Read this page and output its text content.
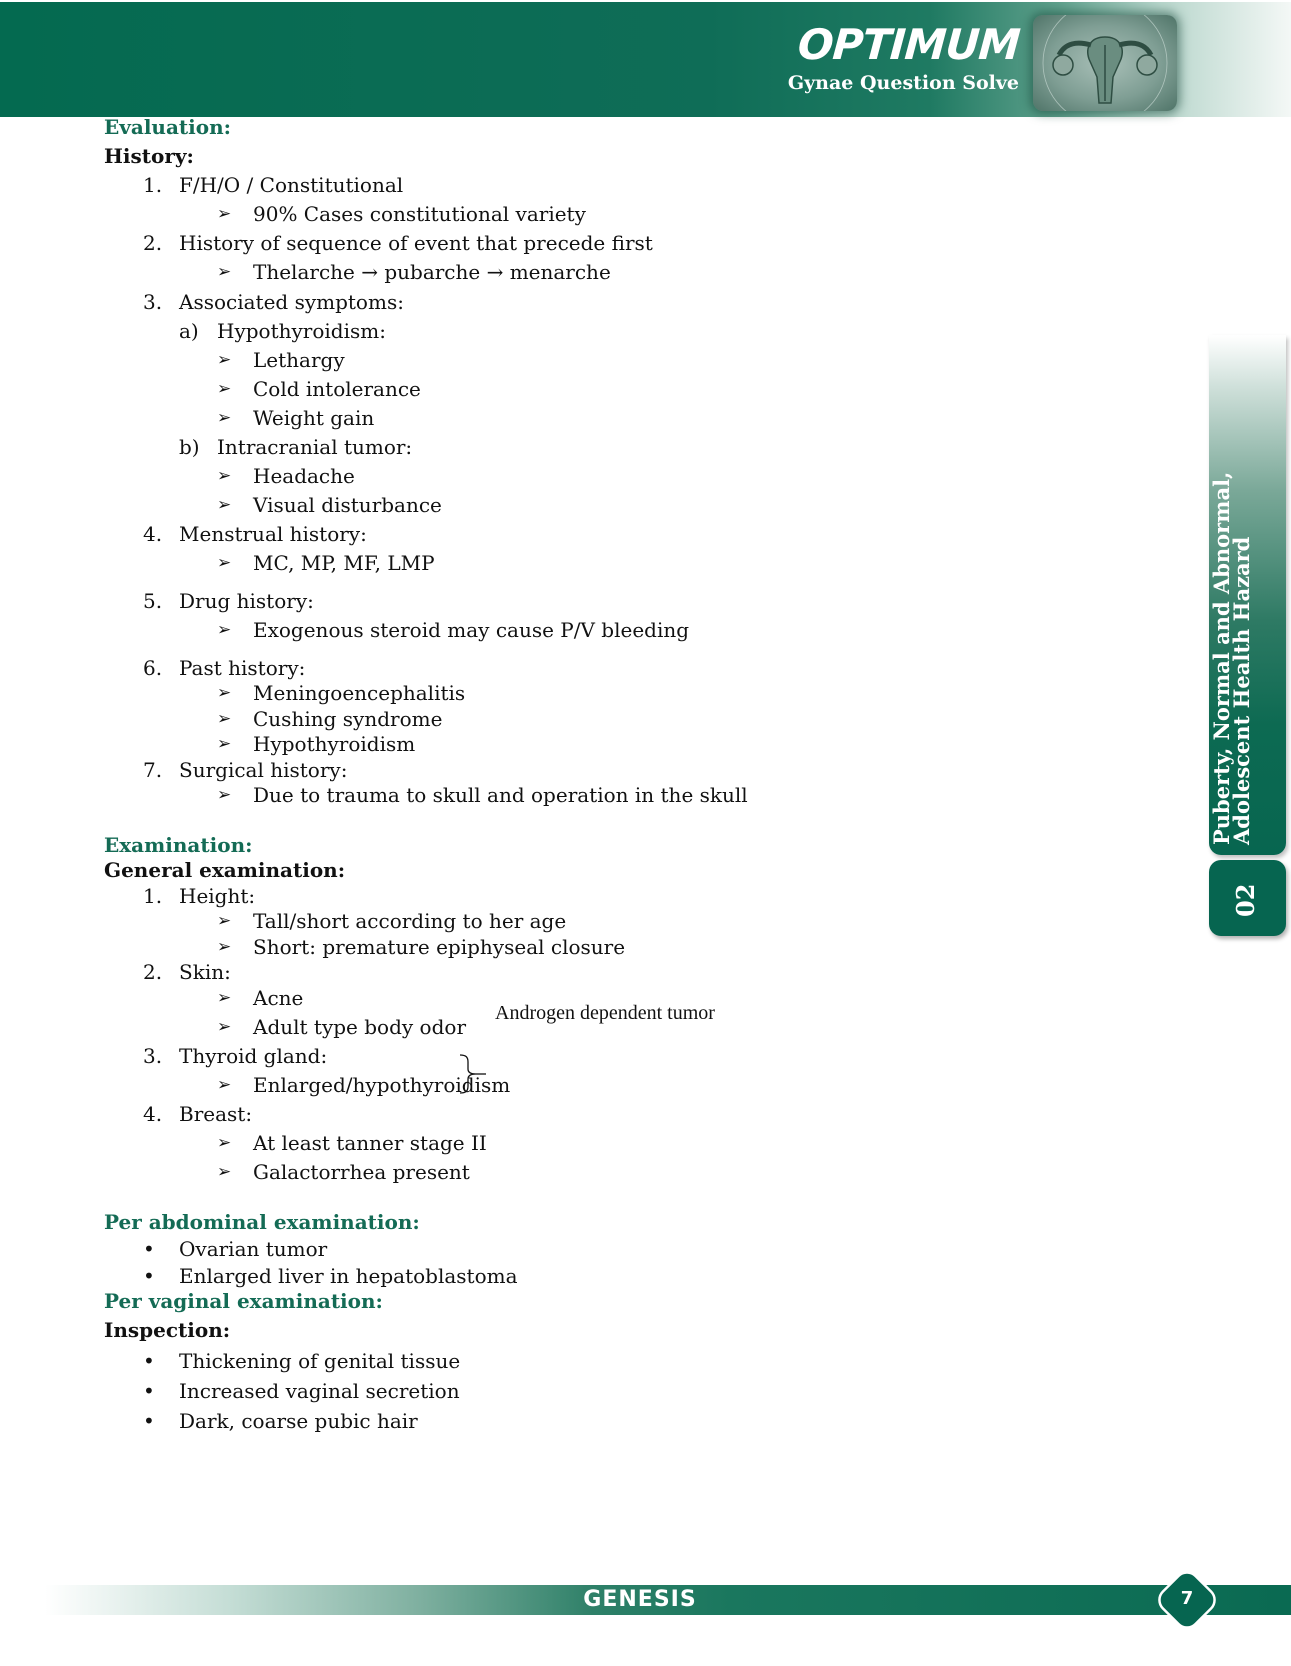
OPTIMUM
Gynae Question Solve
Puberty, Normal and Abnormal,
Adolescent Health Hazard
02
Evaluation:
History:
1. F/H/O / Constitutional
➢ 90% Cases constitutional variety
2. History of sequence of event that precede first
➢ Thelarche → pubarche → menarche
3. Associated symptoms:
a) Hypothyroidism:
➢ Lethargy
➢ Cold intolerance
➢ Weight gain
b) Intracranial tumor:
➢ Headache
➢ Visual disturbance
4. Menstrual history:
➢ MC, MP, MF, LMP
5. Drug history:
➢ Exogenous steroid may cause P/V bleeding
6. Past history:
➢ Meningoencephalitis
➢ Cushing syndrome
➢ Hypothyroidism
7. Surgical history:
➢ Due to trauma to skull and operation in the skull
Examination:
General examination:
1. Height:
➢ Tall/short according to her age
➢ Short: premature epiphyseal closure
2. Skin:
➢ Acne
➢ Adult type body odor
Androgen dependent tumor
3. Thyroid gland:
➢ Enlarged/hypothyroidism
4. Breast:
➢ At least tanner stage II
➢ Galactorrhea present
Per abdominal examination:
• Ovarian tumor
• Enlarged liver in hepatoblastoma
Per vaginal examination:
Inspection:
• Thickening of genital tissue
• Increased vaginal secretion
• Dark, coarse pubic hair
GENESIS	7
